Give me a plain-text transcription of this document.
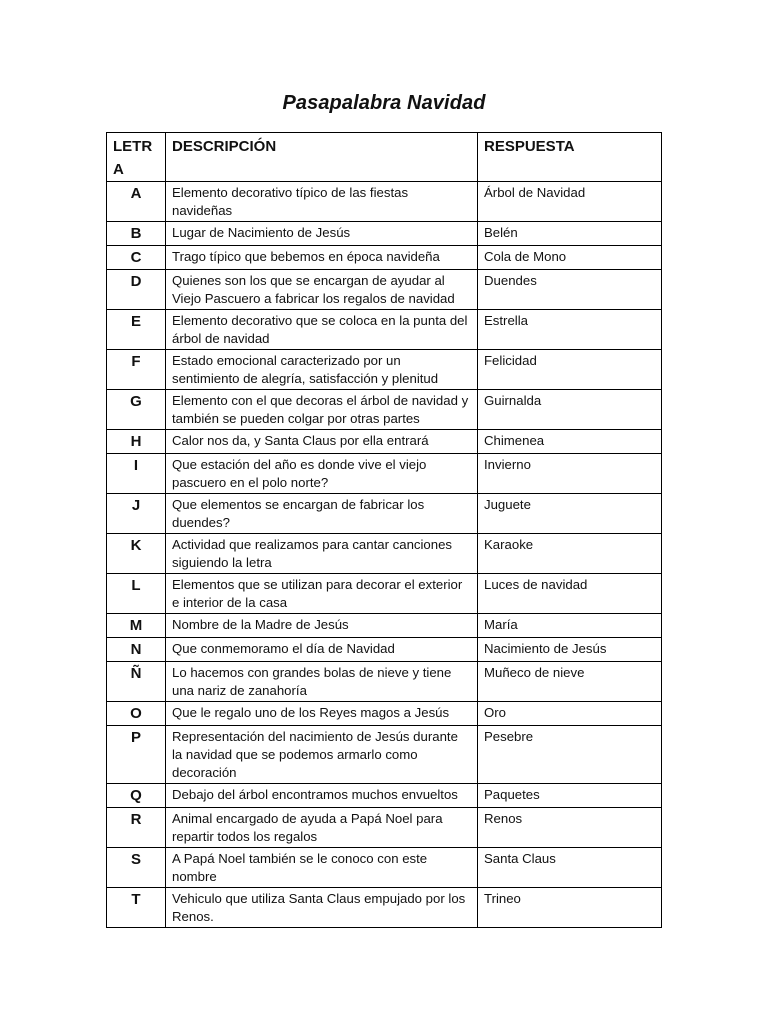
Pasapalabra Navidad
LETRA	DESCRIPCIÓN	RESPUESTA
A	Elemento decorativo típico de las fiestas navideñas	Árbol de Navidad
B	Lugar de Nacimiento de Jesús	Belén
C	Trago típico que bebemos en época navideña	Cola de Mono
D	Quienes son los que se encargan de ayudar al Viejo Pascuero a fabricar los regalos de navidad	Duendes
E	Elemento decorativo que se coloca en la punta del árbol de navidad	Estrella
F	Estado emocional caracterizado por un sentimiento de alegría, satisfacción y plenitud	Felicidad
G	Elemento con el que decoras el árbol de navidad y también se pueden colgar por otras partes	Guirnalda
H	Calor nos da, y Santa Claus por ella entrará	Chimenea
I	Que estación del año es donde vive el viejo pascuero en el polo norte?	Invierno
J	Que elementos se encargan de fabricar los duendes?	Juguete
K	Actividad que realizamos para cantar canciones siguiendo la letra	Karaoke
L	Elementos que se utilizan para decorar el exterior e interior de la casa	Luces de navidad
M	Nombre de la Madre de Jesús	María
N	Que conmemoramo el día de Navidad	Nacimiento de Jesús
Ñ	Lo hacemos con grandes bolas de nieve y tiene una nariz de zanahoría	Muñeco de nieve
O	Que le regalo uno de los Reyes magos a Jesús	Oro
P	Representación del nacimiento de Jesús durante la navidad que se podemos armarlo como decoración	Pesebre
Q	Debajo del árbol encontramos muchos envueltos	Paquetes
R	Animal encargado de ayuda a Papá Noel para repartir todos los regalos	Renos
S	A Papá Noel también se le conoco con este nombre	Santa Claus
T	Vehiculo que utiliza Santa Claus empujado por los Renos.	Trineo
